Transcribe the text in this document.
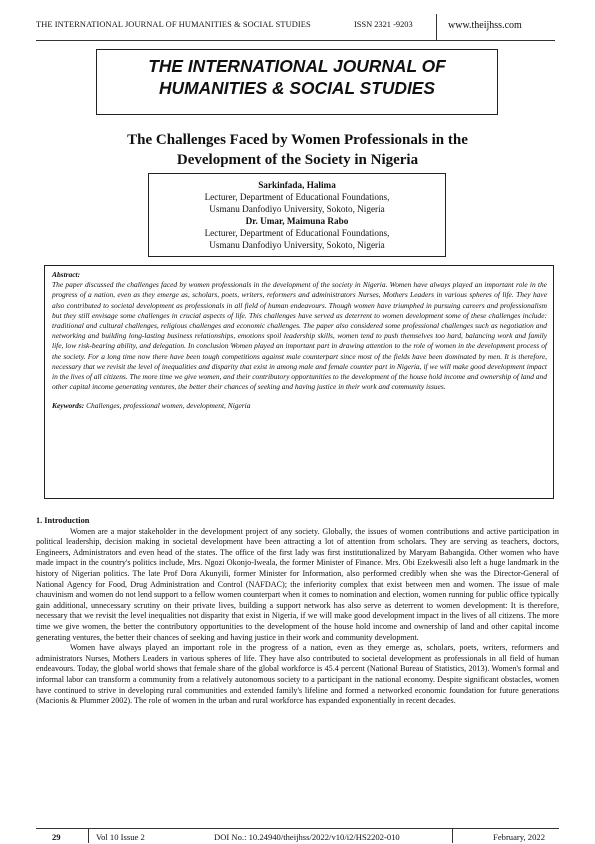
THE INTERNATIONAL JOURNAL OF HUMANITIES & SOCIAL STUDIES	ISSN 2321 -9203	www.theijhss.com
THE INTERNATIONAL JOURNAL OF
HUMANITIES & SOCIAL STUDIES
The Challenges Faced by Women Professionals in the
Development of the Society in Nigeria
Sarkinfada, Halima
Lecturer, Department of Educational Foundations,
Usmanu Danfodiyo University, Sokoto, Nigeria
Dr. Umar, Maimuna Rabo
Lecturer, Department of Educational Foundations,
Usmanu Danfodiyo University, Sokoto, Nigeria
Abstract:
The paper discussed the challenges faced by women professionals in the development of the society in Nigeria. Women have always played an important role in the progress of a nation, even as they emerge as, scholars, poets, writers, reformers and administrators Nurses, Mothers Leaders in various spheres of life. They have also contributed to societal development as professionals in all field of human endeavours. Though women have triumphed in pursuing careers and professionalism but they still envisage some challenges in crucial aspects of life. This challenges have served as deterrent to women development some of these challenges include: traditional and cultural challenges, religious challenges and economic challenges. The paper also considered some professional challenges such as negotiation and networking and building long-lasting business relationships, emotions spoil leadership skills, women tend to push themselves too hard, balancing work and family life, low risk-bearing ability, and delegation. In conclusion Women played an important part in drawing attention to the role of women in the development process of the society. For a long time now there have been tough competitions against male counterpart since most of the fields have been dominated by men. It is therefore, necessary that we revisit the level of inequalities and disparity that exist in among male and female counter part in Nigeria, if we will make good development impact in the lives of all citizens. The more time we give women, and their contributory opportunities to the development of the house hold income and ownership of land and other capital income generating ventures, the better their chances of seeking and having justice in their work and community issues.
Keywords: Challenges, professional women, development, Nigeria
1. Introduction

Women are a major stakeholder in the development project of any society. Globally, the issues of women contributions and active participation in political leadership, decision making in societal development have been attracting a lot of attention from scholars. They are serving as teachers, doctors, Engineers, Administrators and even head of the states. The office of the first lady was first institutionalized by Maryam Babangida. Other women who have made impact in the country's politics include, Mrs. Ngozi Okonjo-Iweala, the former Minister of Finance. Mrs. Obi Ezekwesili also left a huge landmark in the history of Nigerian politics. The late Prof Dora Akunyili, former Minister for Information, also performed credibly when she was the Director-General of National Agency for Food, Drug Administration and Control (NAFDAC); the inferiority complex that exist between men and women. The issue of male chauvinism and women do not lend support to a fellow women counterpart when it comes to nomination and election, women running for public office typically gain additional, unnecessary scrutiny on their private lives, building a support network has also serve as deterrent to women development: It is therefore, necessary that we revisit the level inequalities not disparity that exist in Nigeria, if we will make good development impact in the lives of all citizens. The more time we give women, the better the contributory opportunities to the development of the house hold income and ownership of land and other capital income generating ventures, the better their chances of seeking and having justice in their work and community development.

Women have always played an important role in the progress of a nation, even as they emerge as, scholars, poets, writers, reformers and administrators Nurses, Mothers Leaders in various spheres of life. They have also contributed to societal development as professionals in all field of human endeavours. Today, the global world shows that female share of the global workforce is 45.4 percent (National Bureau of Statistics, 2013). Women's formal and informal labor can transform a community from a relatively autonomous society to a participant in the national economy. Despite significant obstacles, women have continued to strive in developing rural communities and extended family's lifeline and formed a networked economic foundation for future generations (Macionis & Plummer 2002). The role of women in the urban and rural workforce has expanded exponentially in recent decades.

29	Vol 10 Issue 2	DOI No.: 10.24940/theijhss/2022/v10/i2/HS2202-010	February, 2022
